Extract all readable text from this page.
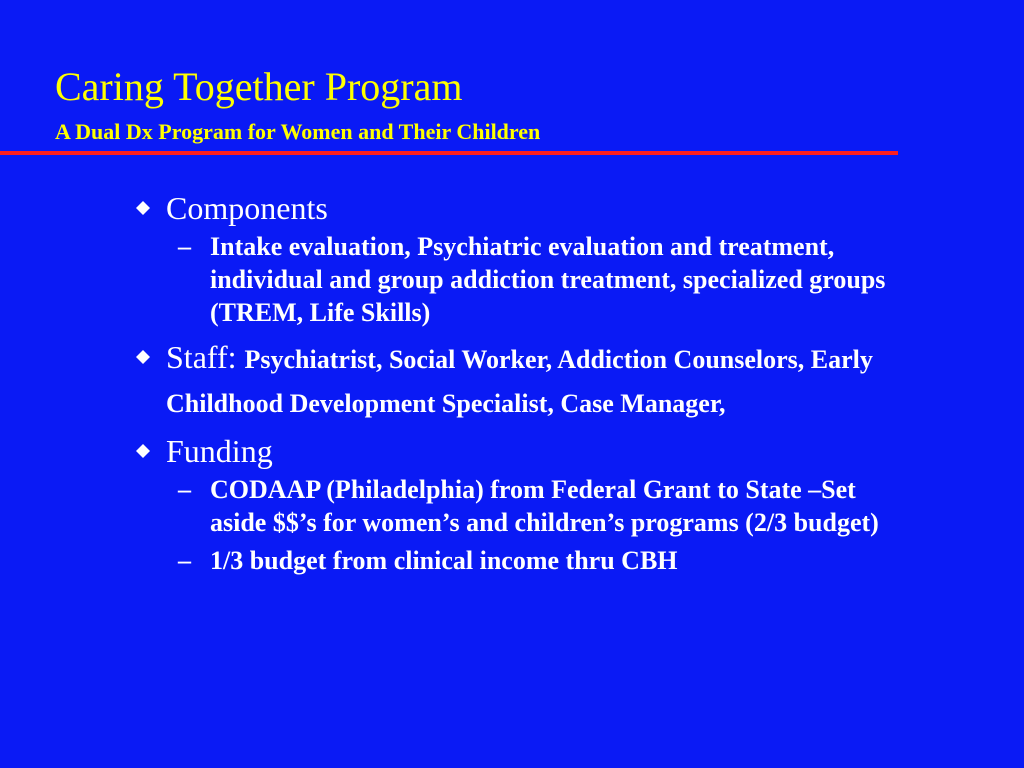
Caring Together Program
A Dual Dx Program for Women and Their Children
Components
– Intake evaluation, Psychiatric evaluation and treatment, individual and group addiction treatment, specialized groups (TREM, Life Skills)
Staff: Psychiatrist, Social Worker, Addiction Counselors, Early Childhood Development Specialist, Case Manager,
Funding
– CODAAP (Philadelphia) from Federal Grant to State –Set aside $$’s for women’s and children’s programs (2/3 budget)
– 1/3 budget from clinical income thru CBH
